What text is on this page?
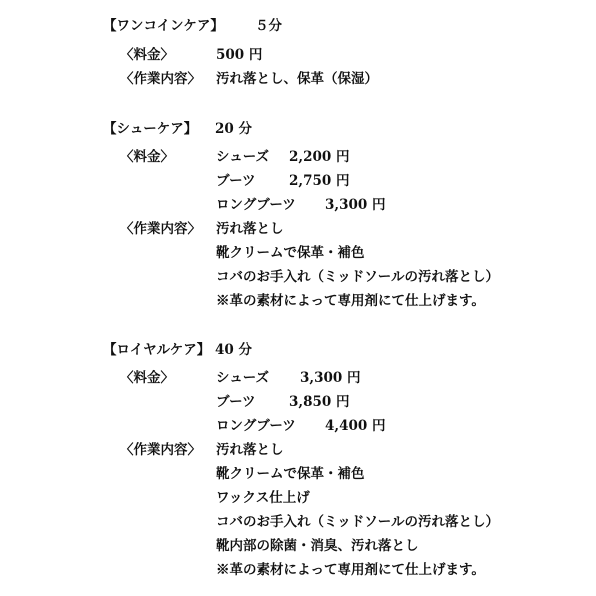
【ワンコインケア】 ５分
〈料金〉	500 円
〈作業内容〉 汚れ落とし、保革（保湿）
【シューケア】 20 分
〈料金〉	シューズ 2,200 円
ブーツ 2,750 円
ロングブーツ 3,300 円
〈作業内容〉 汚れ落とし
靴クリームで保革・補色
コバのお手入れ（ミッドソールの汚れ落とし）
※革の素材によって専用剤にて仕上げます。
【ロイヤルケア】 40 分
〈料金〉	シューズ 3,300 円
ブーツ 3,850 円
ロングブーツ 4,400 円
〈作業内容〉 汚れ落とし
靴クリームで保革・補色
ワックス仕上げ
コバのお手入れ（ミッドソールの汚れ落とし）
靴内部の除菌・消臭、汚れ落とし
※革の素材によって専用剤にて仕上げます。
